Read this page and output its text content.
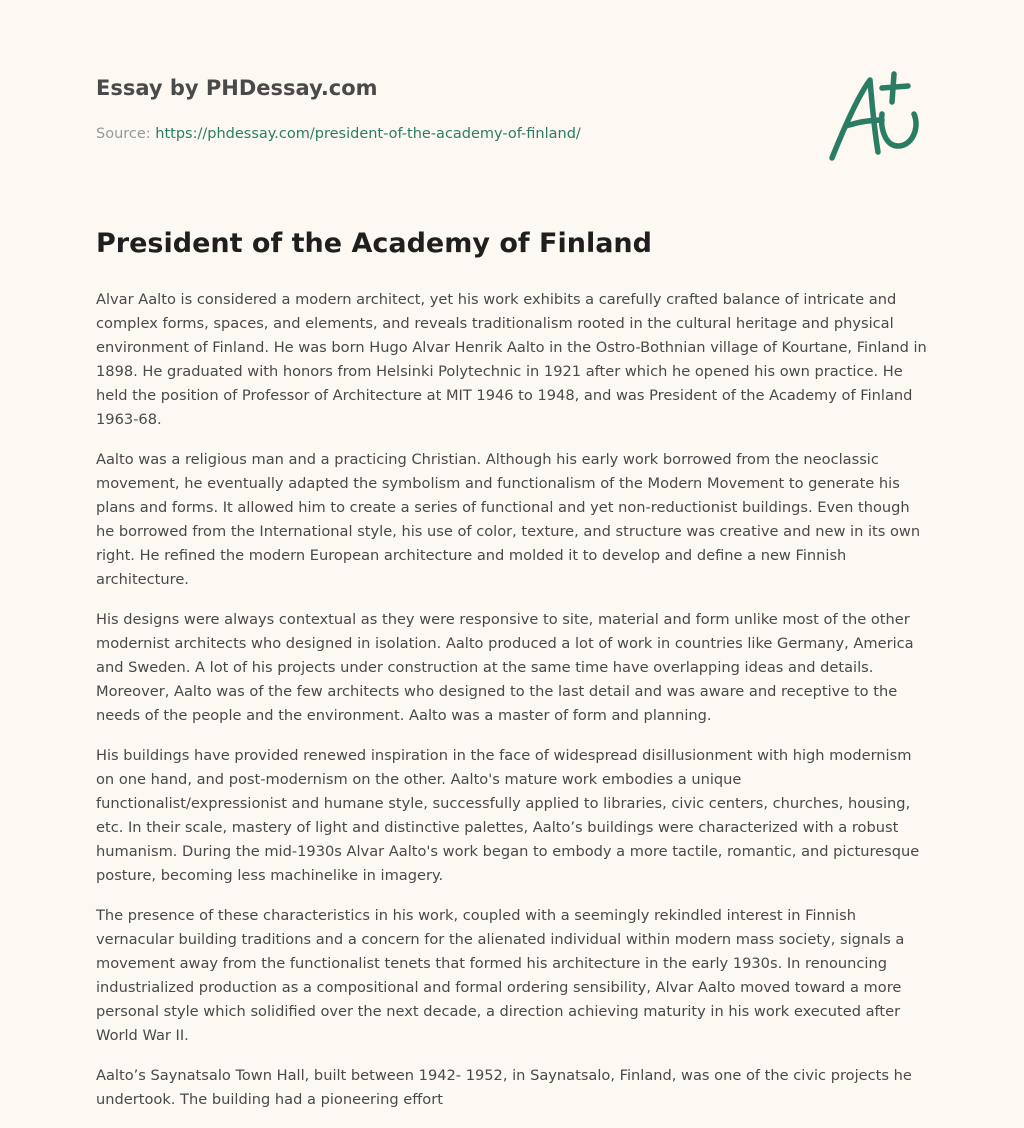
Essay by PHDessay.com
Source: https://phdessay.com/president-of-the-academy-of-finland/
President of the Academy of Finland

Alvar Aalto is considered a modern architect, yet his work exhibits a carefully crafted balance of intricate and complex forms, spaces, and elements, and reveals traditionalism rooted in the cultural heritage and physical environment of Finland. He was born Hugo Alvar Henrik Aalto in the Ostro-Bothnian village of Kourtane, Finland in 1898. He graduated with honors from Helsinki Polytechnic in 1921 after which he opened his own practice. He held the position of Professor of Architecture at MIT 1946 to 1948, and was President of the Academy of Finland 1963-68.

Aalto was a religious man and a practicing Christian. Although his early work borrowed from the neoclassic movement, he eventually adapted the symbolism and functionalism of the Modern Movement to generate his plans and forms. It allowed him to create a series of functional and yet non-reductionist buildings. Even though he borrowed from the International style, his use of color, texture, and structure was creative and new in its own right. He refined the modern European architecture and molded it to develop and define a new Finnish architecture.

His designs were always contextual as they were responsive to site, material and form unlike most of the other modernist architects who designed in isolation. Aalto produced a lot of work in countries like Germany, America and Sweden. A lot of his projects under construction at the same time have overlapping ideas and details. Moreover, Aalto was of the few architects who designed to the last detail and was aware and receptive to the needs of the people and the environment. Aalto was a master of form and planning.

His buildings have provided renewed inspiration in the face of widespread disillusionment with high modernism on one hand, and post-modernism on the other. Aalto's mature work embodies a unique functionalist/expressionist and humane style, successfully applied to libraries, civic centers, churches, housing, etc. In their scale, mastery of light and distinctive palettes, Aalto’s buildings were characterized with a robust humanism. During the mid-1930s Alvar Aalto's work began to embody a more tactile, romantic, and picturesque posture, becoming less machinelike in imagery.

The presence of these characteristics in his work, coupled with a seemingly rekindled interest in Finnish vernacular building traditions and a concern for the alienated individual within modern mass society, signals a movement away from the functionalist tenets that formed his architecture in the early 1930s. In renouncing industrialized production as a compositional and formal ordering sensibility, Alvar Aalto moved toward a more personal style which solidified over the next decade, a direction achieving maturity in his work executed after World War II.

Aalto’s Saynatsalo Town Hall, built between 1942- 1952, in Saynatsalo, Finland, was one of the civic projects he undertook. The building had a pioneering effort
